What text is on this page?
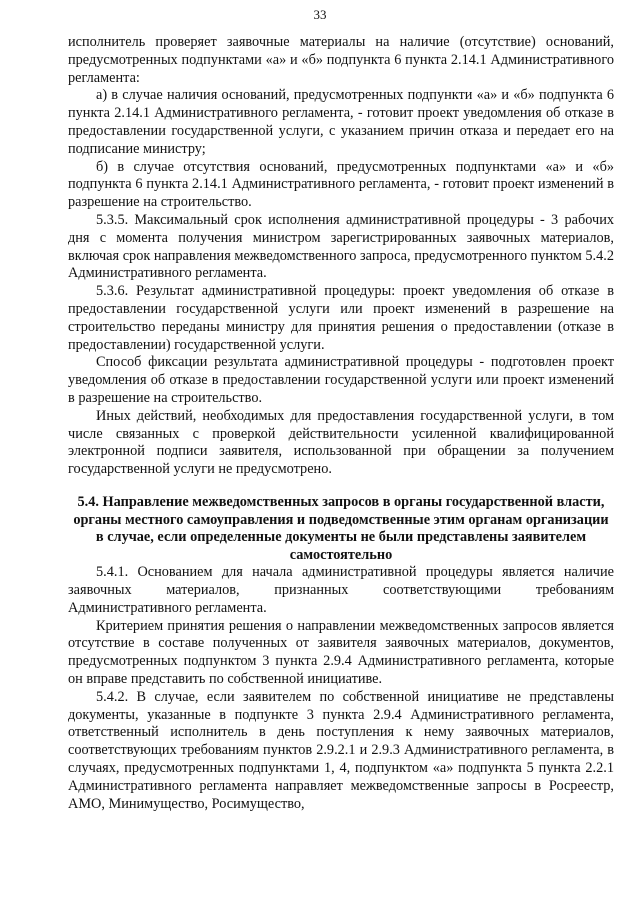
33

исполнитель проверяет заявочные материалы на наличие (отсутствие) оснований, предусмотренных подпунктами «а» и «б» подпункта 6 пункта 2.14.1 Административного регламента:

а) в случае наличия оснований, предусмотренных подпункти «а» и «б» подпункта 6 пункта 2.14.1 Административного регламента, - готовит проект уведомления об отказе в предоставлении государственной услуги, с указанием причин отказа и передает его на подписание министру;

б) в случае отсутствия оснований, предусмотренных подпунктами «а» и «б» подпункта 6 пункта 2.14.1 Административного регламента, - готовит проект изменений в разрешение на строительство.

5.3.5. Максимальный срок исполнения административной процедуры - 3 рабочих дня с момента получения министром зарегистрированных заявочных материалов, включая срок направления межведомственного запроса, предусмотренного пунктом 5.4.2 Административного регламента.

5.3.6. Результат административной процедуры: проект уведомления об отказе в предоставлении государственной услуги или проект изменений в разрешение на строительство переданы министру для принятия решения о предоставлении (отказе в предоставлении) государственной услуги.

Способ фиксации результата административной процедуры - подготовлен проект уведомления об отказе в предоставлении государственной услуги или проект изменений в разрешение на строительство.

Иных действий, необходимых для предоставления государственной услуги, в том числе связанных с проверкой действительности усиленной квалифицированной электронной подписи заявителя, использованной при обращении за получением государственной услуги не предусмотрено.

5.4. Направление межведомственных запросов в органы государственной власти, органы местного самоуправления и подведомственные этим органам организации в случае, если определенные документы не были представлены заявителем самостоятельно

5.4.1. Основанием для начала административной процедуры является наличие заявочных материалов, признанных соответствующими требованиям Административного регламента.

Критерием принятия решения о направлении межведомственных запросов является отсутствие в составе полученных от заявителя заявочных материалов, документов, предусмотренных подпунктом 3 пункта 2.9.4 Административного регламента, которые он вправе представить по собственной инициативе.

5.4.2. В случае, если заявителем по собственной инициативе не представлены документы, указанные в подпункте 3 пункта 2.9.4 Административного регламента, ответственный исполнитель в день поступления к нему заявочных материалов, соответствующих требованиям пунктов 2.9.2.1 и 2.9.3 Административного регламента, в случаях, предусмотренных подпунктами 1, 4, подпунктом «а» подпункта 5 пункта 2.2.1 Административного регламента направляет межведомственные запросы в Росреестр, АМО, Минимущество, Росимущество,
